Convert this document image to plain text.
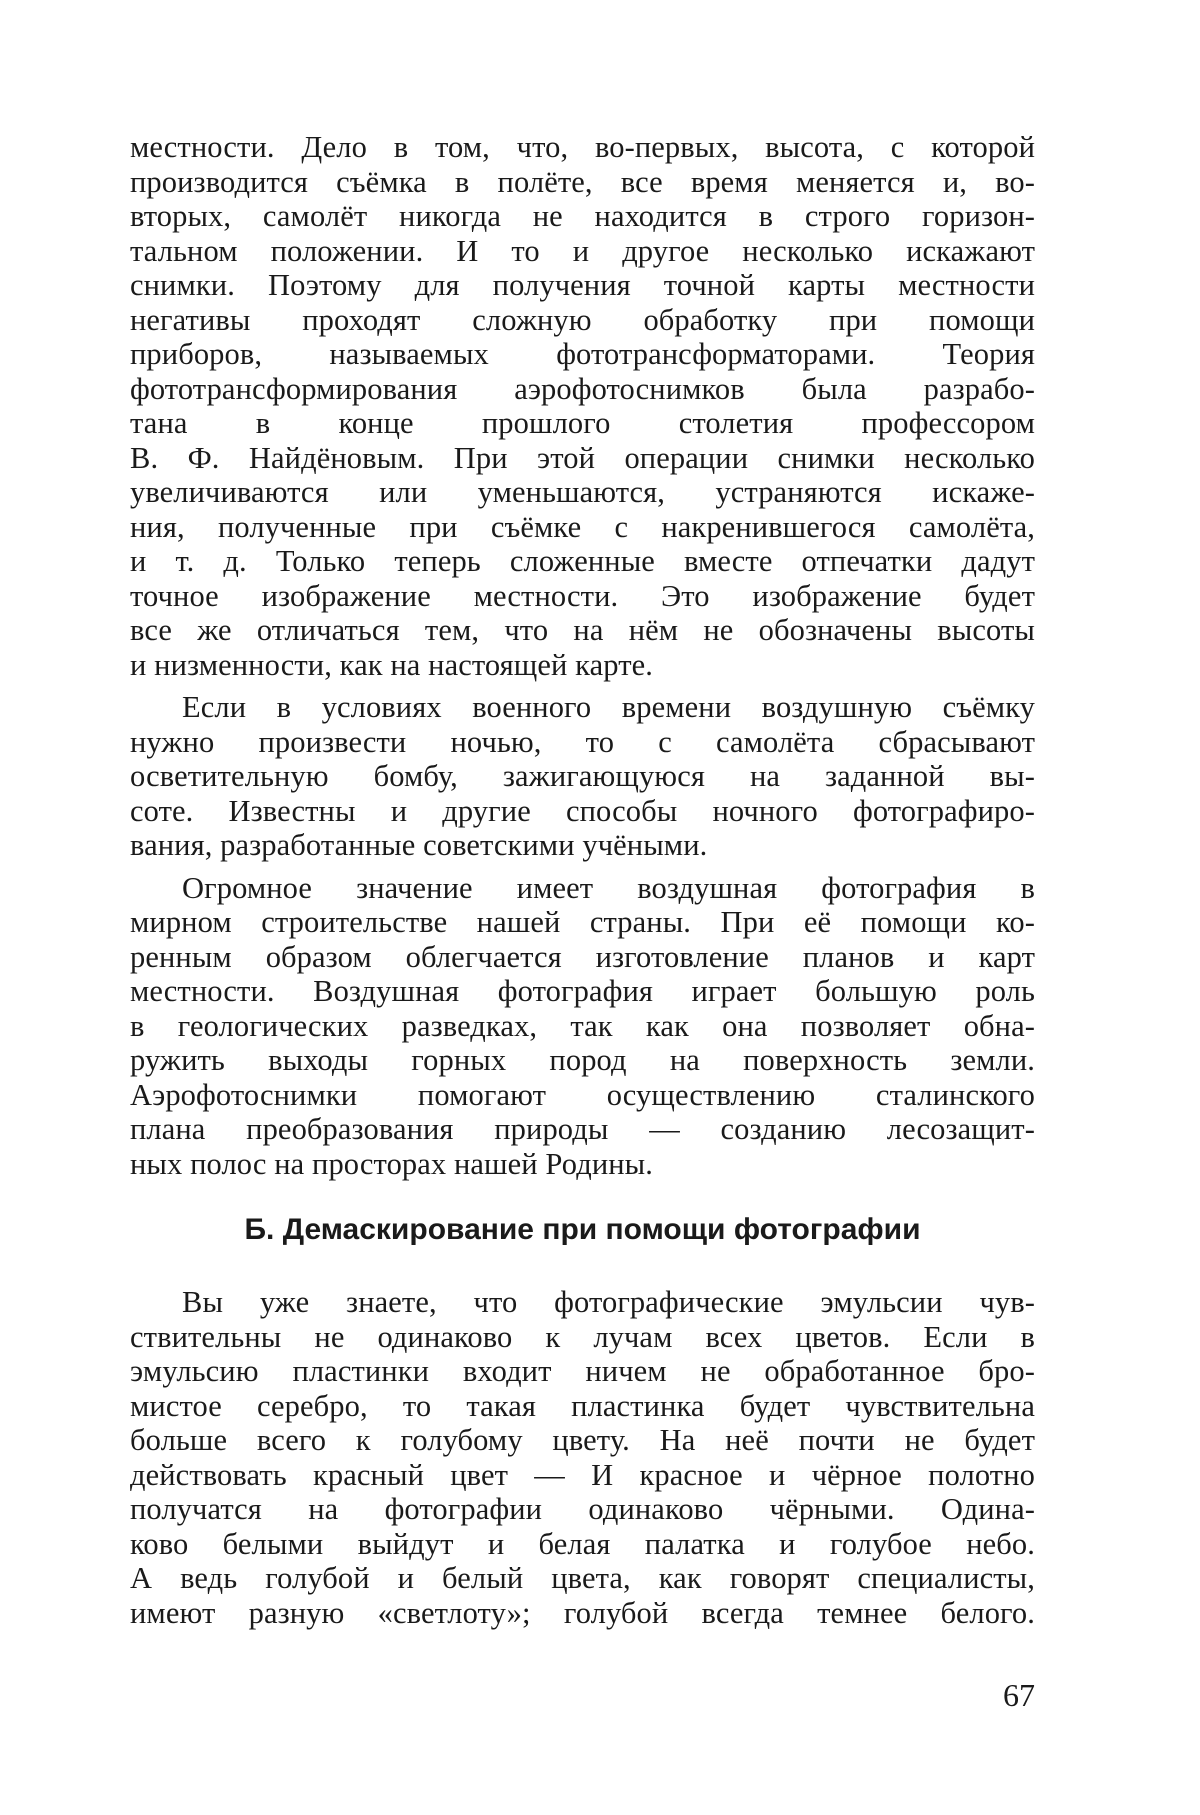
местности. Дело в том, что, во-первых, высота, с которой
производится съёмка в полёте, все время меняется и, во-
вторых, самолёт никогда не находится в строго горизон-
тальном положении. И то и другое несколько искажают
снимки. Поэтому для получения точной карты местности
негативы проходят сложную обработку при помощи
приборов, называемых фототрансформаторами. Теория
фототрансформирования аэрофотоснимков была разрабо-
тана в конце прошлого столетия профессором
В. Ф. Найдёновым. При этой операции снимки несколько
увеличиваются или уменьшаются, устраняются искаже-
ния, полученные при съёмке с накренившегося самолёта,
и т. д. Только теперь сложенные вместе отпечатки дадут
точное изображение местности. Это изображение будет
все же отличаться тем, что на нём не обозначены высоты
и низменности, как на настоящей карте.
Если в условиях военного времени воздушную съёмку
нужно произвести ночью, то с самолёта сбрасывают
осветительную бомбу, зажигающуюся на заданной вы-
соте. Известны и другие способы ночного фотографиро-
вания, разработанные советскими учёными.
Огромное значение имеет воздушная фотография в
мирном строительстве нашей страны. При её помощи ко-
ренным образом облегчается изготовление планов и карт
местности. Воздушная фотография играет большую роль
в геологических разведках, так как она позволяет обна-
ружить выходы горных пород на поверхность земли.
Аэрофотоснимки помогают осуществлению сталинского
плана преобразования природы — созданию лесозащит-
ных полос на просторах нашей Родины.
Б. Демаскирование при помощи фотографии
Вы уже знаете, что фотографические эмульсии чув-
ствительны не одинаково к лучам всех цветов. Если в
эмульсию пластинки входит ничем не обработанное бро-
мистое серебро, то такая пластинка будет чувствительна
больше всего к голубому цвету. На неё почти не будет
действовать красный цвет — И красное и чёрное полотно
получатся на фотографии одинаково чёрными. Одина-
ково белыми выйдут и белая палатка и голубое небо.
А ведь голубой и белый цвета, как говорят специалисты,
имеют разную «светлоту»; голубой всегда темнее белого.
67
